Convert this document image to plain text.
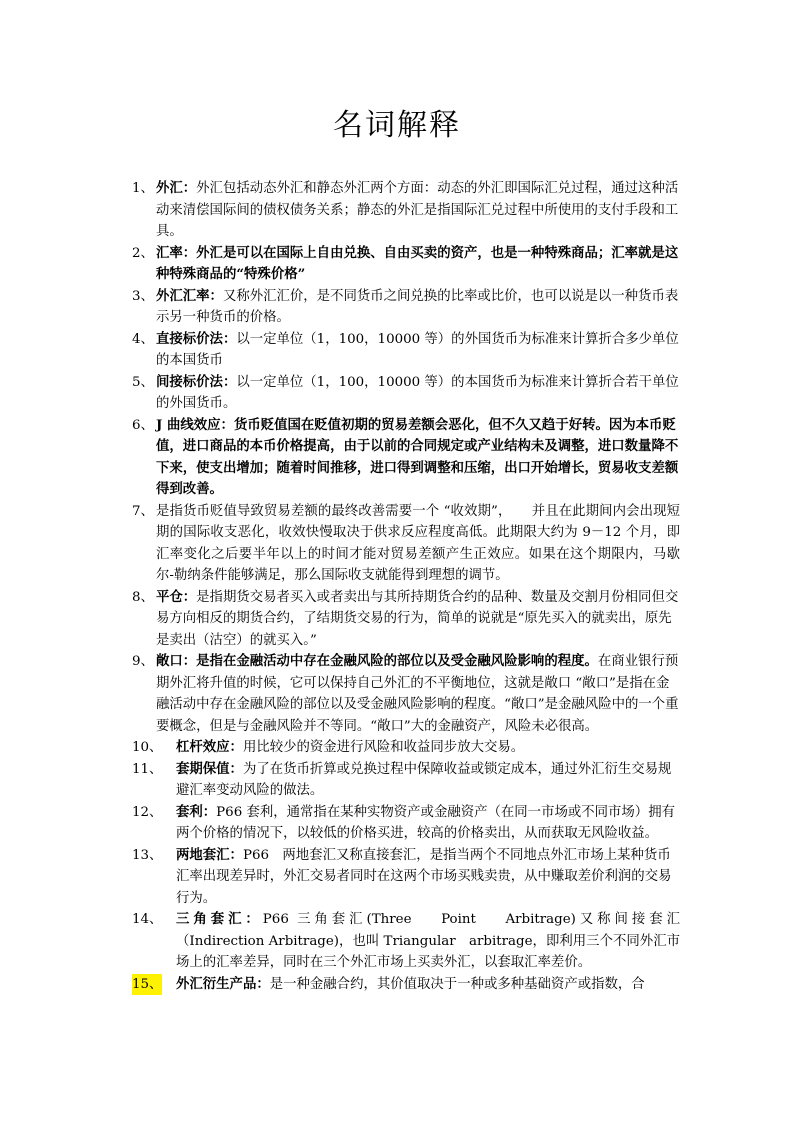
名词解释
1、 外汇：外汇包括动态外汇和静态外汇两个方面：动态的外汇即国际汇兑过程，通过这种活动来清偿国际间的债权债务关系；静态的外汇是指国际汇兑过程中所使用的支付手段和工具。
2、 汇率：外汇是可以在国际上自由兑换、自由买卖的资产，也是一种特殊商品；汇率就是这种特殊商品的“特殊价格”
3、 外汇汇率：又称外汇汇价，是不同货币之间兑换的比率或比价，也可以说是以一种货币表示另一种货币的价格。
4、 直接标价法：以一定单位（1，100，10000 等）的外国货币为标准来计算折合多少单位的本国货币
5、 间接标价法：以一定单位（1，100，10000 等）的本国货币为标准来计算折合若干单位的外国货币。
6、 J 曲线效应：货币贬值国在贬值初期的贸易差额会恶化，但不久又趋于好转。因为本币贬值，进口商品的本币价格提高，由于以前的合同规定或产业结构未及调整，进口数量降不下来，使支出增加；随着时间推移，进口得到调整和压缩，出口开始增长，贸易收支差额得到改善。
7、 是指货币贬值导致贸易差额的最终改善需要一个 “收效期”，　　并且在此期间内会出现短期的国际收支恶化，收效快慢取决于供求反应程度高低。此期限大约为 9－12 个月，即汇率变化之后要半年以上的时间才能对贸易差额产生正效应。如果在这个期限内，马歇尔-勒纳条件能够满足，那么国际收支就能得到理想的调节。
8、 平仓：是指期货交易者买入或者卖出与其所持期货合约的品种、数量及交割月份相同但交易方向相反的期货合约，了结期货交易的行为，简单的说就是“原先买入的就卖出，原先是卖出（沽空）的就买入。”
9、 敞口：是指在金融活动中存在金融风险的部位以及受金融风险影响的程度。在商业银行预期外汇将升值的时候，它可以保持自己外汇的不平衡地位，这就是敞口 “敞口”是指在金融活动中存在金融风险的部位以及受金融风险影响的程度。“敞口”是金融风险中的一个重要概念，但是与金融风险并不等同。“敞口”大的金融资产，风险未必很高。
10、 杠杆效应：用比较少的资金进行风险和收益同步放大交易。
11、 套期保值：为了在货币折算或兑换过程中保障收益或锁定成本，通过外汇衍生交易规避汇率变动风险的做法。
12、 套利：P66 套利，通常指在某种实物资产或金融资产（在同一市场或不同市场）拥有两个价格的情况下，以较低的价格买进，较高的价格卖出，从而获取无风险收益。
13、 两地套汇：P66　两地套汇又称直接套汇，是指当两个不同地点外汇市场上某种货币汇率出现差异时，外汇交易者同时在这两个市场买贱卖贵，从中赚取差价利润的交易行为。
14、 三角套汇：P66 三角套汇(Three　 Point　 Arbitrage)又称间接套汇（Indirection Arbitrage)，也叫 Triangular　arbitrage，即利用三个不同外汇市场上的汇率差异，同时在三个外汇市场上买卖外汇，以套取汇率差价。
15、 外汇衍生产品：是一种金融合约，其价值取决于一种或多种基础资产或指数，合
